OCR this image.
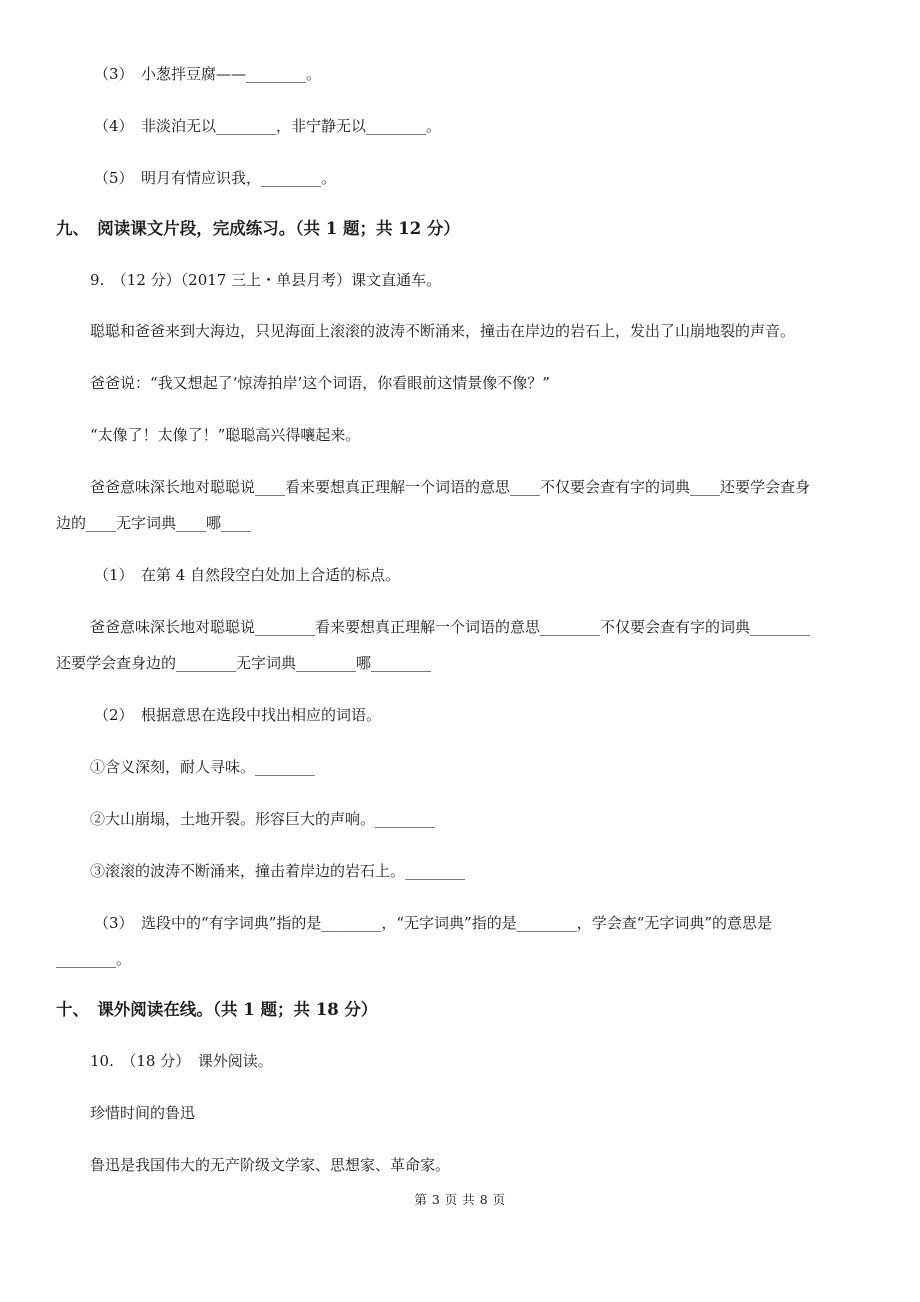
（3）　小葱拌豆腐——________。
（4）　非淡泊无以________，非宁静无以________。
（5）　明月有情应识我，________。
九、　阅读课文片段，完成练习。（共 1 题；共 12 分）
9.　（12 分）（2017 三上・单县月考）课文直通车。
聪聪和爸爸来到大海边，只见海面上滚滚的波涛不断涌来，撞击在岸边的岩石上，发出了山崩地裂的声音。
爸爸说：“我又想起了‘惊涛拍岸’这个词语，你看眼前这情景像不像？”
“太像了！太像了！”聪聪高兴得嚷起来。
爸爸意味深长地对聪聪说____看来要想真正理解一个词语的意思____不仅要会查有字的词典____还要学会查身
边的____无字词典____哪____
（1）　在第 4 自然段空白处加上合适的标点。
爸爸意味深长地对聪聪说________看来要想真正理解一个词语的意思________不仅要会查有字的词典________
还要学会查身边的________无字词典________哪________
（2）　根据意思在选段中找出相应的词语。
①含义深刻，耐人寻味。________
②大山崩塌，土地开裂。形容巨大的声响。________
③滚滚的波涛不断涌来，撞击着岸边的岩石上。________
（3）　选段中的“有字词典”指的是________，“无字词典”指的是________，学会查“无字词典”的意思是
________。
十、　课外阅读在线。（共 1 题；共 18 分）
10.　（18 分）　课外阅读。
珍惜时间的鲁迅
鲁迅是我国伟大的无产阶级文学家、思想家、革命家。
第 3 页 共 8 页
